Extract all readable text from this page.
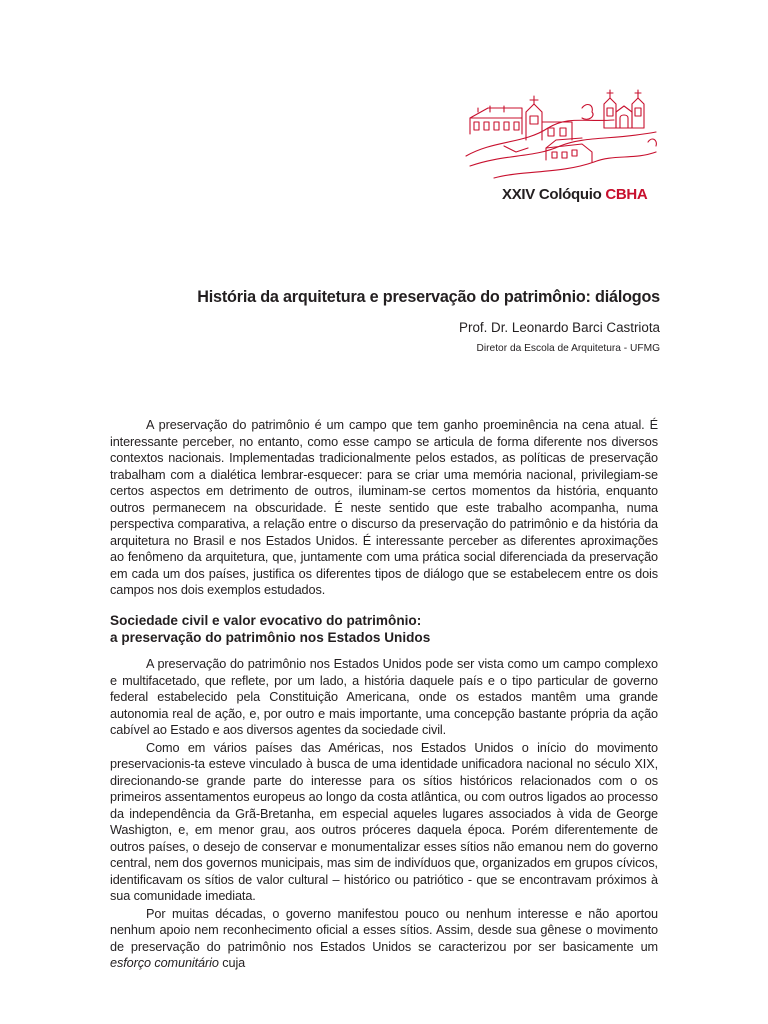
XXIV Colóquio CBHA
História da arquitetura e preservação do patrimônio: diálogos
Prof. Dr. Leonardo Barci Castriota
Diretor da Escola de Arquitetura - UFMG

A preservação do patrimônio é um campo que tem ganho proeminência na cena atual. É interessante perceber, no entanto, como esse campo se articula de forma diferente nos diversos contextos nacionais. Implementadas tradicionalmente pelos estados, as políticas de preservação trabalham com a dialética lembrar-esquecer: para se criar uma memória nacional, privilegiam-se certos aspectos em detrimento de outros, iluminam-se certos momentos da história, enquanto outros permanecem na obscuridade. É neste sentido que este trabalho acompanha, numa perspectiva comparativa, a relação entre o discurso da preservação do patrimônio e da história da arquitetura no Brasil e nos Estados Unidos. É interessante perceber as diferentes aproximações ao fenômeno da arquitetura, que, juntamente com uma prática social diferenciada da preservação em cada um dos países, justifica os diferentes tipos de diálogo que se estabelecem entre os dois campos nos dois exemplos estudados.

Sociedade civil e valor evocativo do patrimônio:
a preservação do patrimônio nos Estados Unidos

A preservação do patrimônio nos Estados Unidos pode ser vista como um campo complexo e multifacetado, que reflete, por um lado, a história daquele país e o tipo particular de governo federal estabelecido pela Constituição Americana, onde os estados mantêm uma grande autonomia real de ação, e, por outro e mais importante, uma concepção bastante própria da ação cabível ao Estado e aos diversos agentes da sociedade civil.

Como em vários países das Américas, nos Estados Unidos o início do movimento preservacionis-ta esteve vinculado à busca de uma identidade unificadora nacional no século XIX, direcionando-se grande parte do interesse para os sítios históricos relacionados com o os primeiros assentamentos europeus ao longo da costa atlântica, ou com outros ligados ao processo da independência da Grã-Bretanha, em especial aqueles lugares associados à vida de George Washigton, e, em menor grau, aos outros próceres daquela época. Porém diferentemente de outros países, o desejo de conservar e monumentalizar esses sítios não emanou nem do governo central, nem dos governos municipais, mas sim de indivíduos que, organizados em grupos cívicos, identificavam os sítios de valor cultural – histórico ou patriótico - que se encontravam próximos à sua comunidade imediata.

Por muitas décadas, o governo manifestou pouco ou nenhum interesse e não aportou nenhum apoio nem reconhecimento oficial a esses sítios. Assim, desde sua gênese o movimento de preservação do patrimônio nos Estados Unidos se caracterizou por ser basicamente um esforço comunitário cuja
